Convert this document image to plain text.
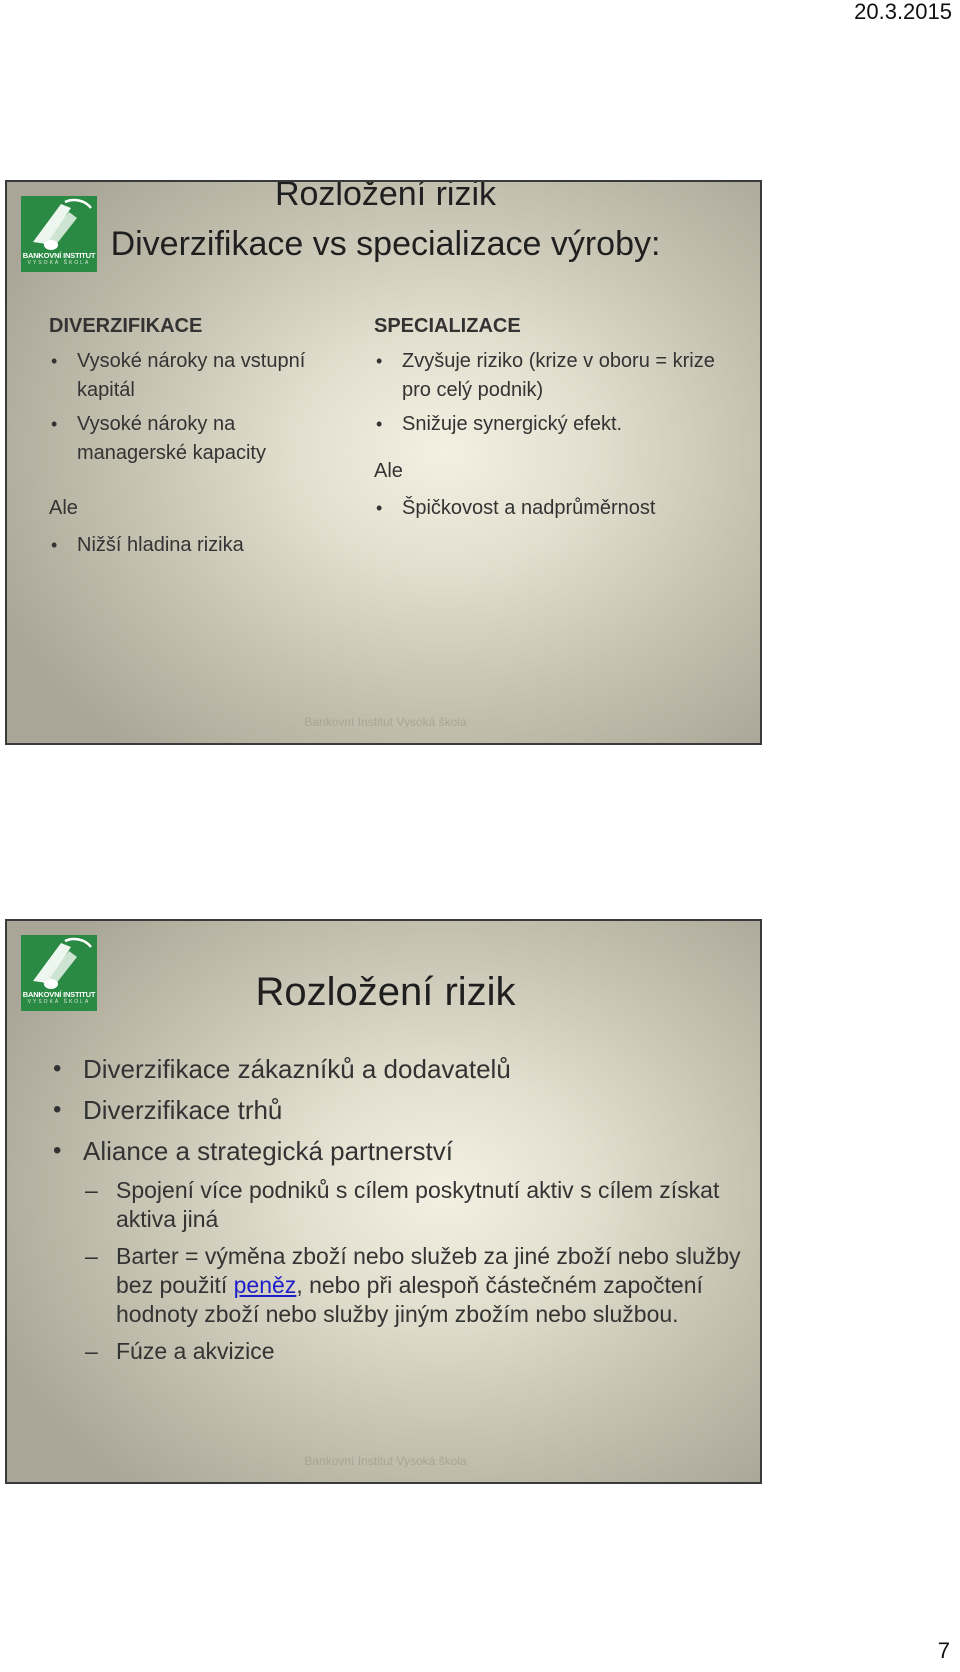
20.3.2015
BANKOVNÍ INSTITUT
VYSOKÁ ŠKOLA
Rozložení rizik
Diverzifikace vs specializace výroby:
DIVERZIFIKACE
• Vysoké nároky na vstupní kapitál
• Vysoké nároky na managerské kapacity
Ale
• Nižší hladina rizika
SPECIALIZACE
• Zvyšuje riziko (krize v oboru = krize pro celý podnik)
• Snižuje synergický efekt.
Ale
• Špičkovost a nadprůměrnost
Bankovní Institut Vysoká škola
BANKOVNÍ INSTITUT
VYSOKÁ ŠKOLA	Rozložení rizik
• Diverzifikace zákazníků a dodavatelů
• Diverzifikace trhů
• Aliance a strategická partnerství
– Spojení více podniků s cílem poskytnutí aktiv s cílem získat aktiva jiná
– Barter = výměna zboží nebo služeb za jiné zboží nebo služby bez použití peněz, nebo při alespoň částečném započtení hodnoty zboží nebo služby jiným zbožím nebo službou.
– Fúze a akvizice
Bankovní Institut Vysoká škola
7
